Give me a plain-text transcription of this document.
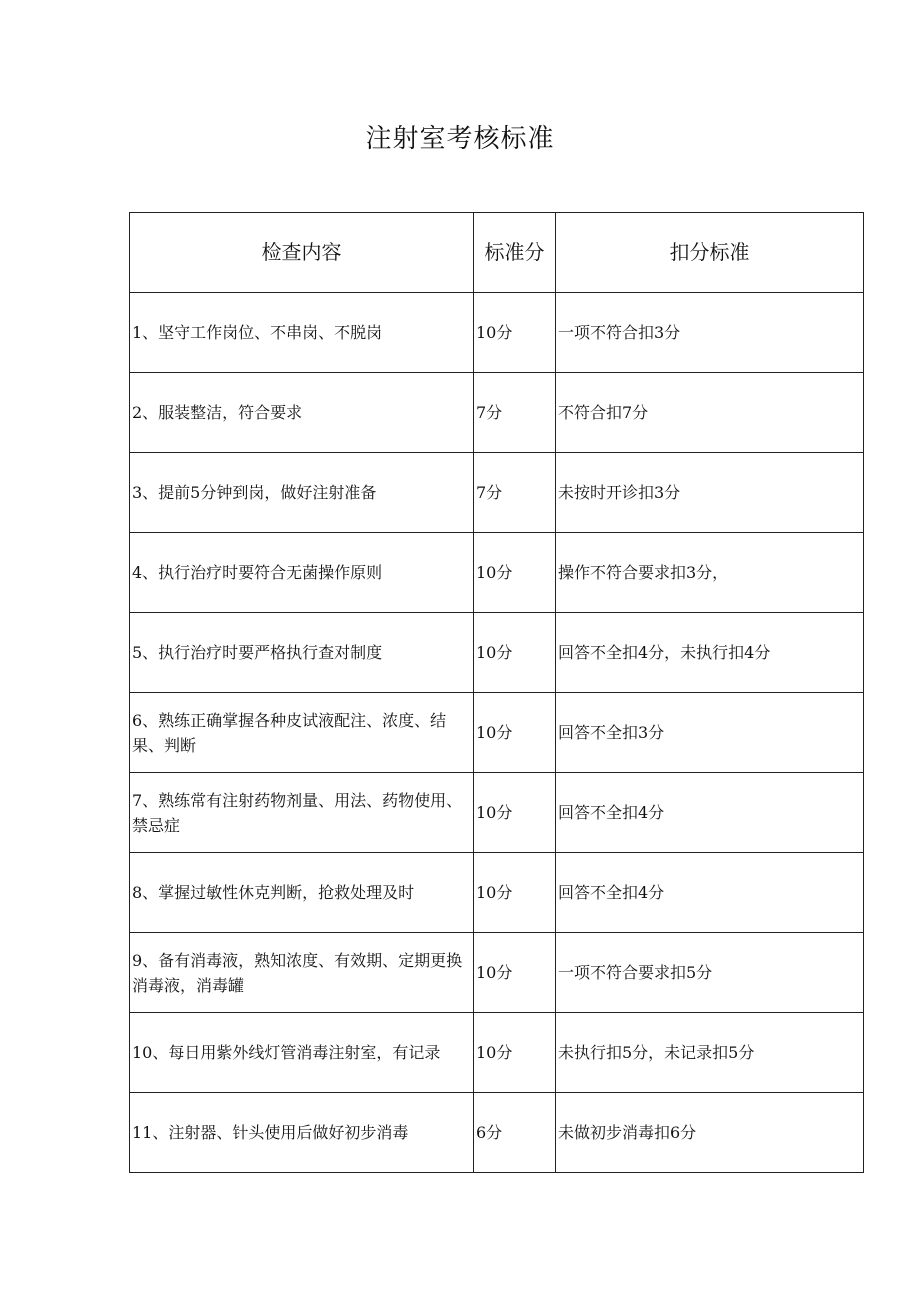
注射室考核标准
检查内容	标准分	扣分标准
1、坚守工作岗位、不串岗、不脱岗	10分	一项不符合扣3分
2、服装整洁，符合要求	7分	不符合扣7分
3、提前5分钟到岗，做好注射准备	7分	未按时开诊扣3分
4、执行治疗时要符合无菌操作原则	10分	操作不符合要求扣3分，
5、执行治疗时要严格执行查对制度	10分	回答不全扣4分，未执行扣4分
6、熟练正确掌握各种皮试液配注、浓度、结果、判断	10分	回答不全扣3分
7、熟练常有注射药物剂量、用法、药物使用、禁忌症	10分	回答不全扣4分
8、掌握过敏性休克判断，抢救处理及时	10分	回答不全扣4分
9、备有消毒液，熟知浓度、有效期、定期更换消毒液，消毒罐	10分	一项不符合要求扣5分
10、每日用紫外线灯管消毒注射室，有记录	10分	未执行扣5分，未记录扣5分
11、注射器、针头使用后做好初步消毒	6分	未做初步消毒扣6分
